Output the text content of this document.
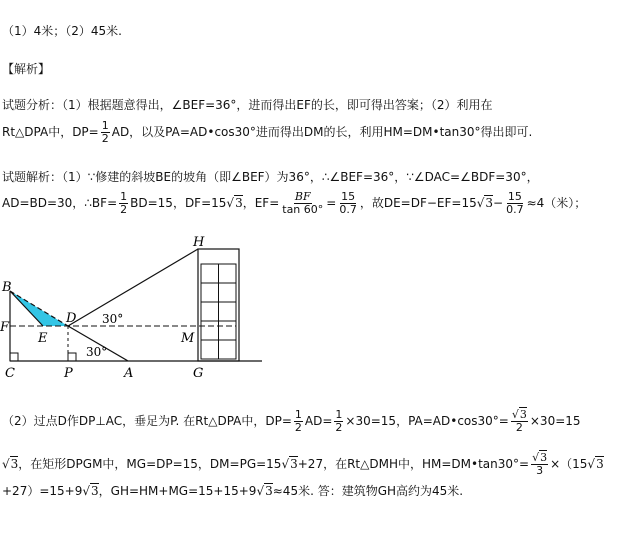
（1）4米；（2）45米.
【解析】
试题分析：（1）根据题意得出，∠BEF=36°，进而得出EF的长，即可得出答案；（2）利用在
Rt△DPA中，$DP= \frac{1}{2}$ AD，以及PA=AD•cos30°进而得出DM的长，利用HM=DM•tan30°得出即可.
试题解析：（1）∵修建的斜坡BE的坡角（即∠BEF）为36°，∴∠BEF=36°，∵∠DAC=∠BDF=30°，
AD=BD=30，∴BF= $\frac{1}{2} BD=15$，DF=15√3，$EF= \frac{BF}{\tan 60^\circ} = \frac{15}{0.7}$ ，故$DE=DF-EF=15√3- \frac{15}{0.7} \approx 4$（米）；
H
B
D
F
E	M
C	P	A	G
30°
30°
（2）过点D作DP⊥AC，垂足为P. 在Rt△DPA中，$DP= \frac{1}{2} AD= \frac{1}{2} \times 30=15$，PA=AD•cos30°= $\frac{√3}{2} \times 30=15$
√3，在矩形DPGM中，MG=DP=15，DM=PG=15√3+27，在Rt△DMH中，HM=DM•tan30°= $\frac{√3}{3} \times(15√3$
+27）=15+9√3，GH=HM+MG=15+15+9√3≈45米. 答：建筑物GH高约为45米.
